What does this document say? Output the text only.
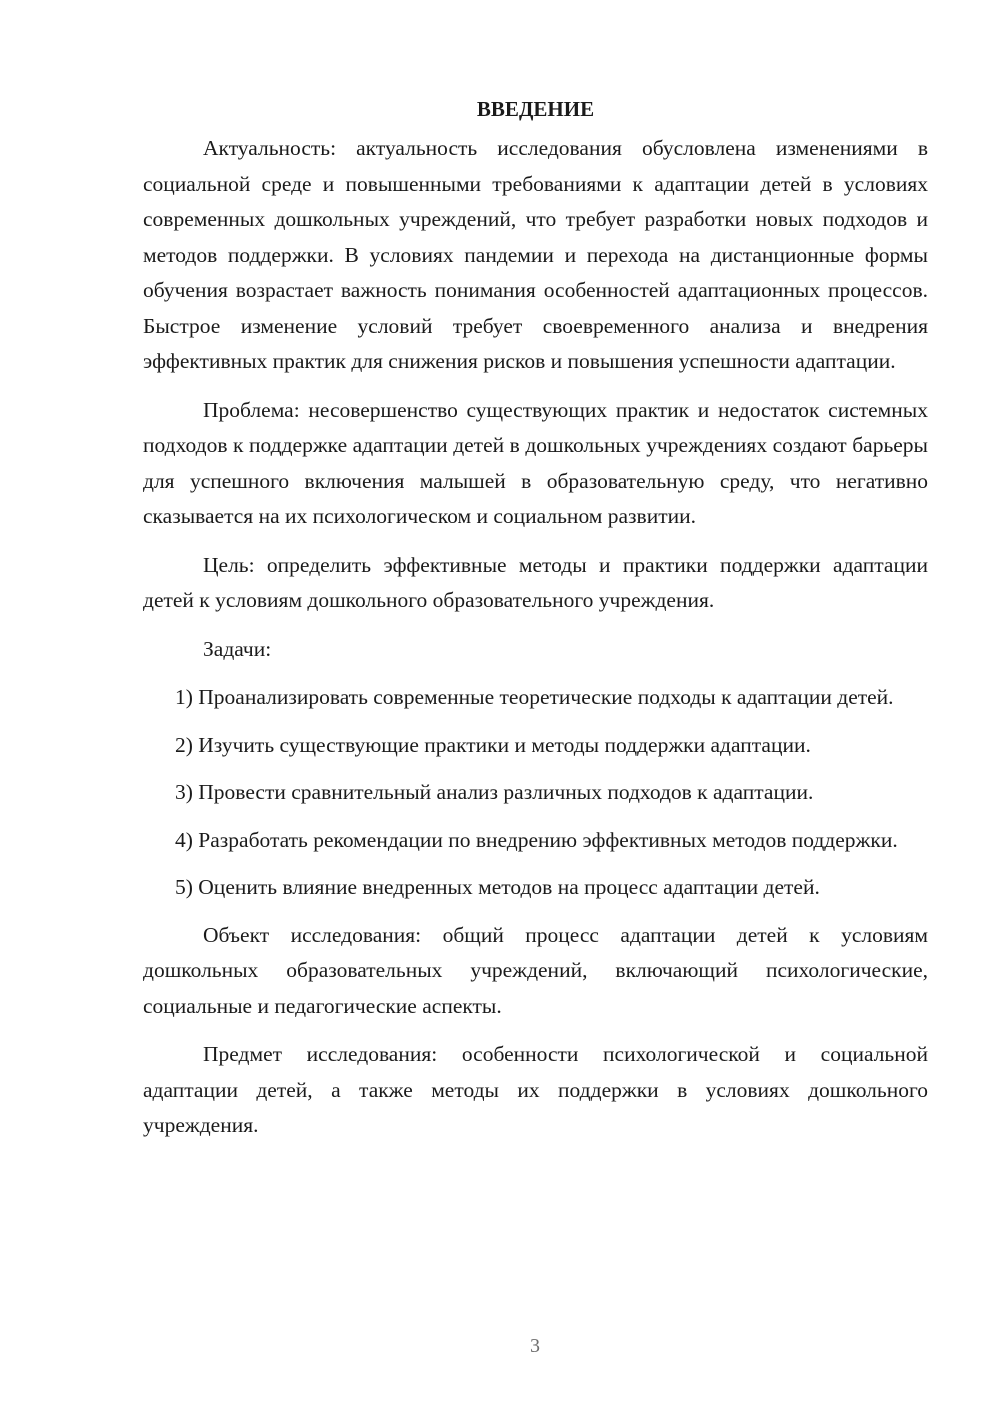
ВВЕДЕНИЕ

Актуальность: актуальность исследования обусловлена изменениями в социальной среде и повышенными требованиями к адаптации детей в условиях современных дошкольных учреждений, что требует разработки новых подходов и методов поддержки. В условиях пандемии и перехода на дистанционные формы обучения возрастает важность понимания особенностей адаптационных процессов. Быстрое изменение условий требует своевременного анализа и внедрения эффективных практик для снижения рисков и повышения успешности адаптации.

Проблема: несовершенство существующих практик и недостаток системных подходов к поддержке адаптации детей в дошкольных учреждениях создают барьеры для успешного включения малышей в образовательную среду, что негативно сказывается на их психологическом и социальном развитии.

Цель: определить эффективные методы и практики поддержки адаптации детей к условиям дошкольного образовательного учреждения.

Задачи:

1) Проанализировать современные теоретические подходы к адаптации детей.

2) Изучить существующие практики и методы поддержки адаптации.

3) Провести сравнительный анализ различных подходов к адаптации.

4) Разработать рекомендации по внедрению эффективных методов поддержки.

5) Оценить влияние внедренных методов на процесс адаптации детей.

Объект исследования: общий процесс адаптации детей к условиям дошкольных образовательных учреждений, включающий психологические, социальные и педагогические аспекты.

Предмет исследования: особенности психологической и социальной адаптации детей, а также методы их поддержки в условиях дошкольного учреждения.

3
